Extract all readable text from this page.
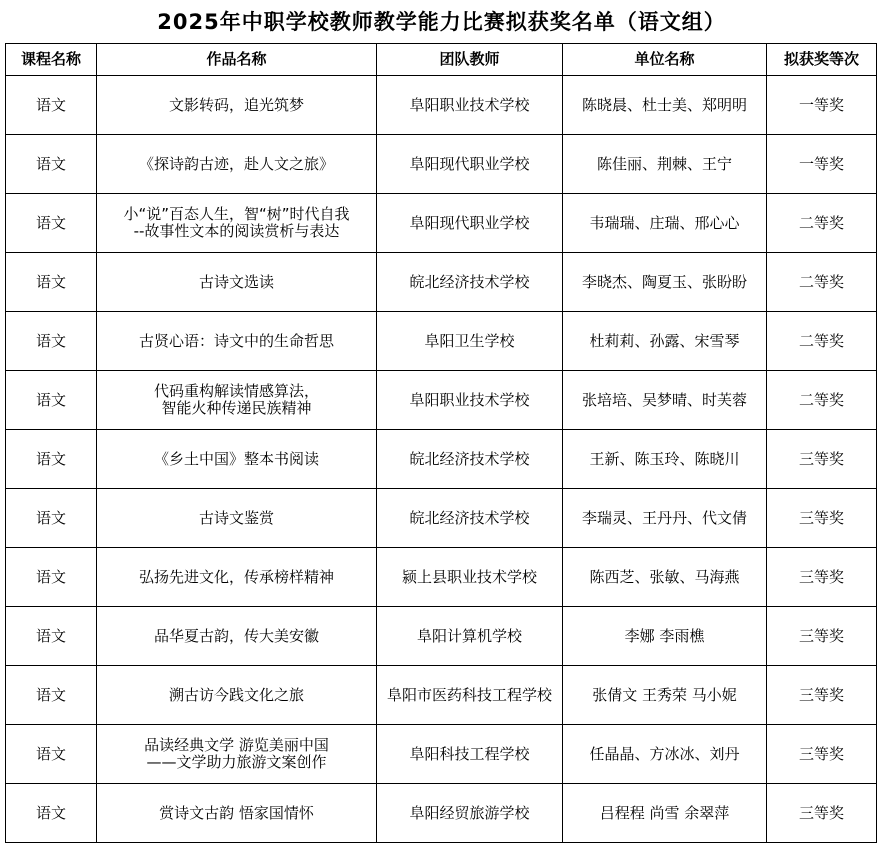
2025年中职学校教师教学能力比赛拟获奖名单（语文组）
课程名称	作品名称	团队教师	单位名称	拟获奖等次
语文	文影转码，追光筑梦	阜阳职业技术学校	陈晓晨、杜士美、郑明明	一等奖
语文	《探诗韵古迹，赴人文之旅》	阜阳现代职业学校	陈佳丽、荆棘、王宁	一等奖
语文	小“说”百态人生，智“树”时代自我
--故事性文本的阅读赏析与表达	阜阳现代职业学校	韦瑞瑞、庄瑞、邢心心	二等奖
语文	古诗文选读	皖北经济技术学校	李晓杰、陶夏玉、张盼盼	二等奖
语文	古贤心语：诗文中的生命哲思	阜阳卫生学校	杜莉莉、孙露、宋雪琴	二等奖
语文	代码重构解读情感算法，
智能火种传递民族精神	阜阳职业技术学校	张培培、吴梦晴、时芙蓉	二等奖
语文	《乡土中国》整本书阅读	皖北经济技术学校	王新、陈玉玲、陈晓川	三等奖
语文	古诗文鉴赏	皖北经济技术学校	李瑞灵、王丹丹、代文倩	三等奖
语文	弘扬先进文化，传承榜样精神	颍上县职业技术学校	陈西芝、张敏、马海燕	三等奖
语文	品华夏古韵，传大美安徽	阜阳计算机学校	李娜 李雨樵	三等奖
语文	溯古访今践文化之旅	阜阳市医药科技工程学校	张倩文 王秀荣 马小妮	三等奖
语文	品读经典文学 游览美丽中国
——文学助力旅游文案创作	阜阳科技工程学校	任晶晶、方冰冰、刘丹	三等奖
语文	赏诗文古韵 悟家国情怀	阜阳经贸旅游学校	吕程程 尚雪 余翠萍	三等奖
